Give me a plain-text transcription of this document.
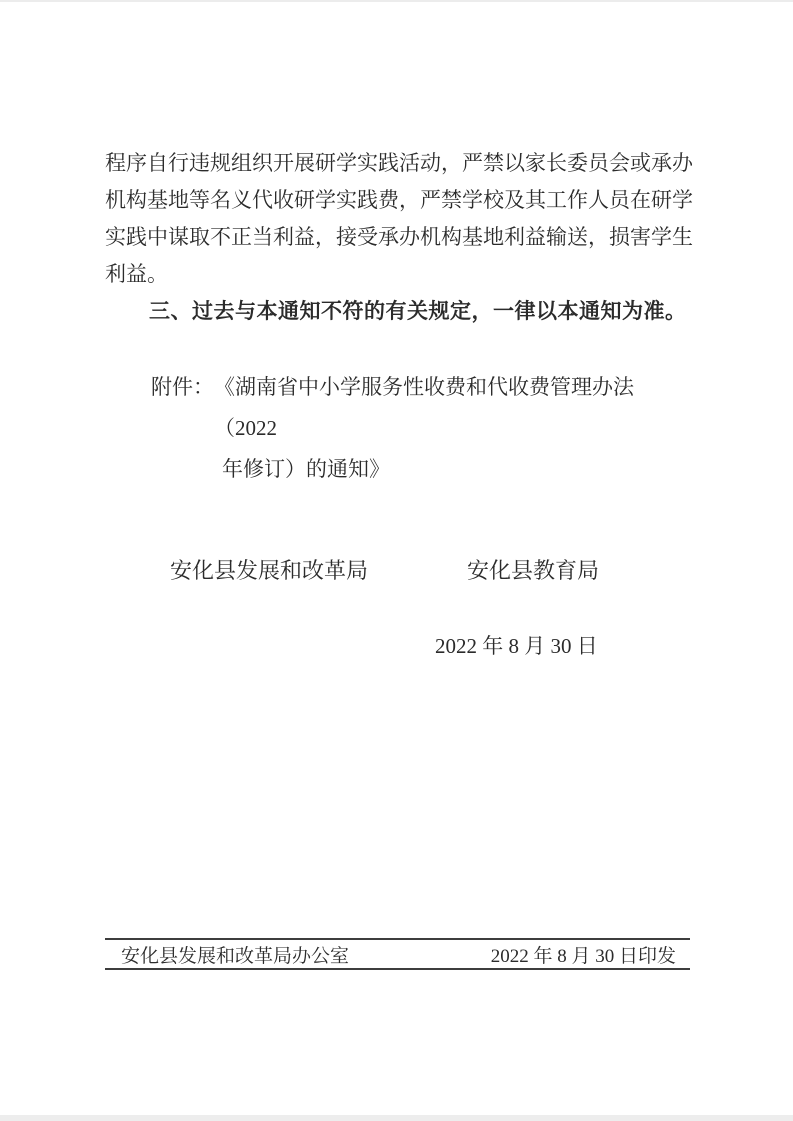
程序自行违规组织开展研学实践活动，严禁以家长委员会或承办机构基地等名义代收研学实践费，严禁学校及其工作人员在研学实践中谋取不正当利益，接受承办机构基地利益输送，损害学生利益。

三、过去与本通知不符的有关规定，一律以本通知为准。

附件： 《湖南省中小学服务性收费和代收费管理办法（2022
年修订）的通知》
安化县发展和改革局	安化县教育局
2022 年 8 月 30 日
安化县发展和改革局办公室	2022 年 8 月 30 日印发
